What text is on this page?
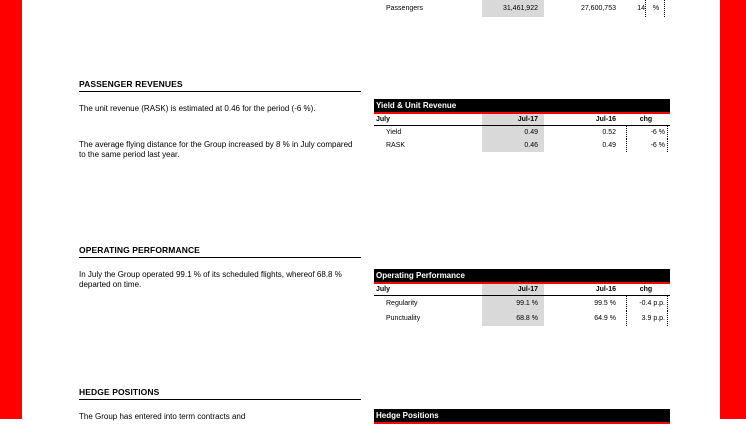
Passengers	31,461,922	27,600,753	14	%
PASSENGER REVENUES
The unit revenue (RASK) is estimated at 0.46 for the period (-6 %).
The average flying distance for the Group increased by 8 % in July compared to the same period last year.
Yield & Unit Revenue
July	Jul-17	Jul-16	chg
Yield	0.49	0.52	-6 %
RASK	0.46	0.49	-6 %
OPERATING PERFORMANCE
In July the Group operated 99.1 % of its scheduled flights, whereof 68.8 % departed on time.
Operating Performance
July	Jul-17	Jul-16	chg
Regularity	99.1 %	99.5 %	-0.4 p.p.
Punctuality	68.8 %	64.9 %	3.9 p.p.
HEDGE POSITIONS
The Group has entered into term contracts and	Hedge Positions
